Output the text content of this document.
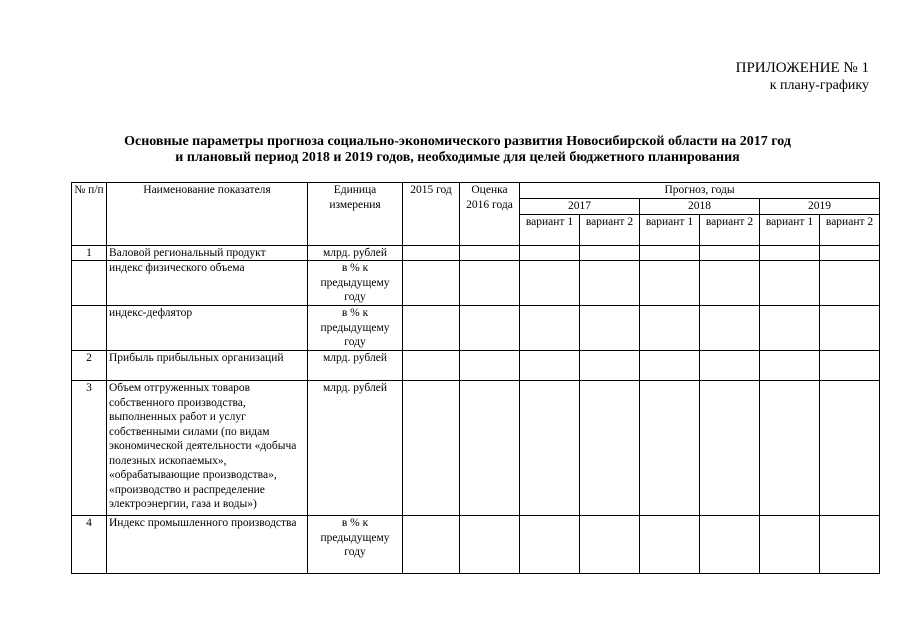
ПРИЛОЖЕНИЕ № 1
к плану-графику
Основные параметры прогноза социально-экономического развития Новосибирской области на 2017 год
и плановый период 2018 и 2019 годов, необходимые для целей бюджетного планирования
№ п/п	Наименование показателя	Единица измерения	2015 год	Оценка 2016 года	Прогноз, годы					
					2017		2018		2019	
					вариант 1	вариант 2	вариант 1	вариант 2	вариант 1	вариант 2
1	Валовой региональный продукт	млрд. рублей								
	индекс физического объема	в % к предыдущему году								
	индекс-дефлятор	в % к предыдущему году								
2	Прибыль прибыльных организаций	млрд. рублей								
3	Объем отгруженных товаров собственного производства, выполненных работ и услуг собственными силами (по видам экономической деятельности «добыча полезных ископаемых», «обрабатывающие производства», «производство и распределение электроэнергии, газа и воды»)	млрд. рублей								
4	Индекс промышленного производства	в % к предыдущему году								
